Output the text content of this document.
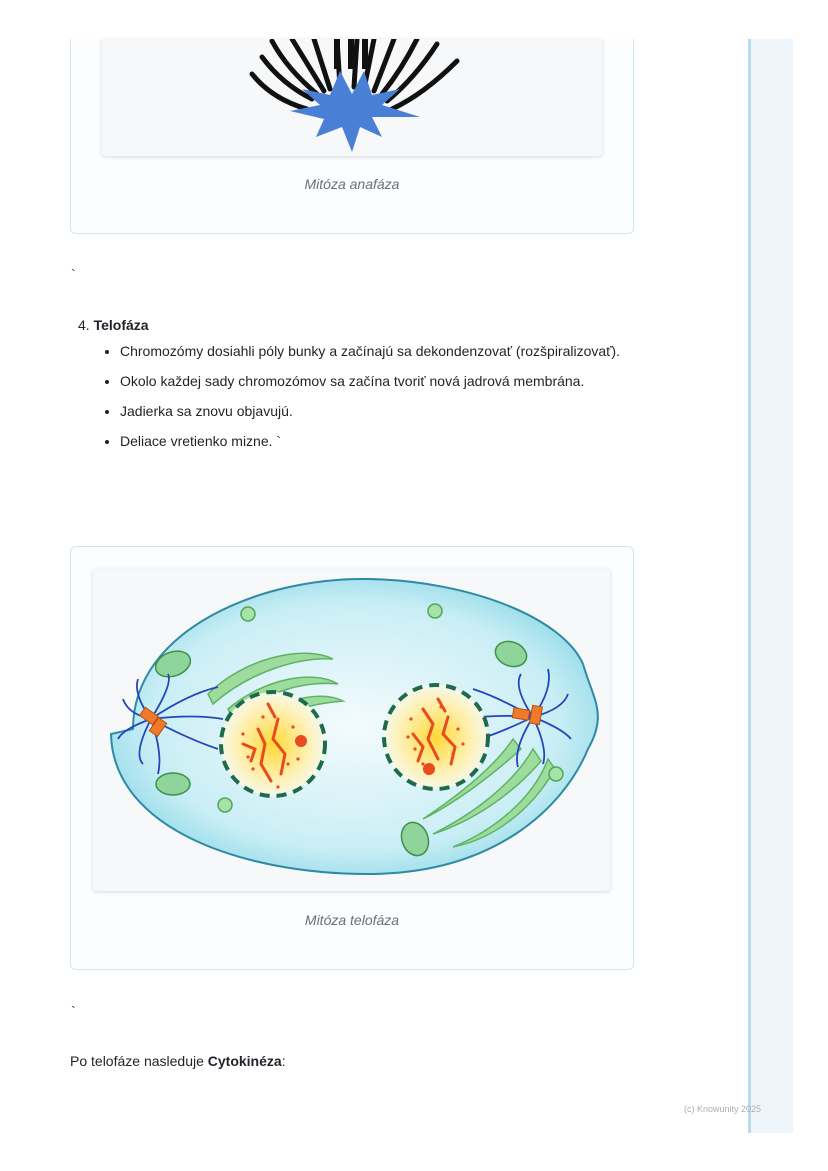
Mitóza anafáza
`
4. Telofáza
• Chromozómy dosiahli póly bunky a začínajú sa dekondenzovať (rozšpiralizovať).
• Okolo každej sady chromozómov sa začína tvoriť nová jadrová membrána.
• Jadierka sa znovu objavujú.
• Deliace vretienko mizne. `
Mitóza telofáza
`
Po telofáze nasleduje Cytokinéza:
(c) Knowunity 2025
